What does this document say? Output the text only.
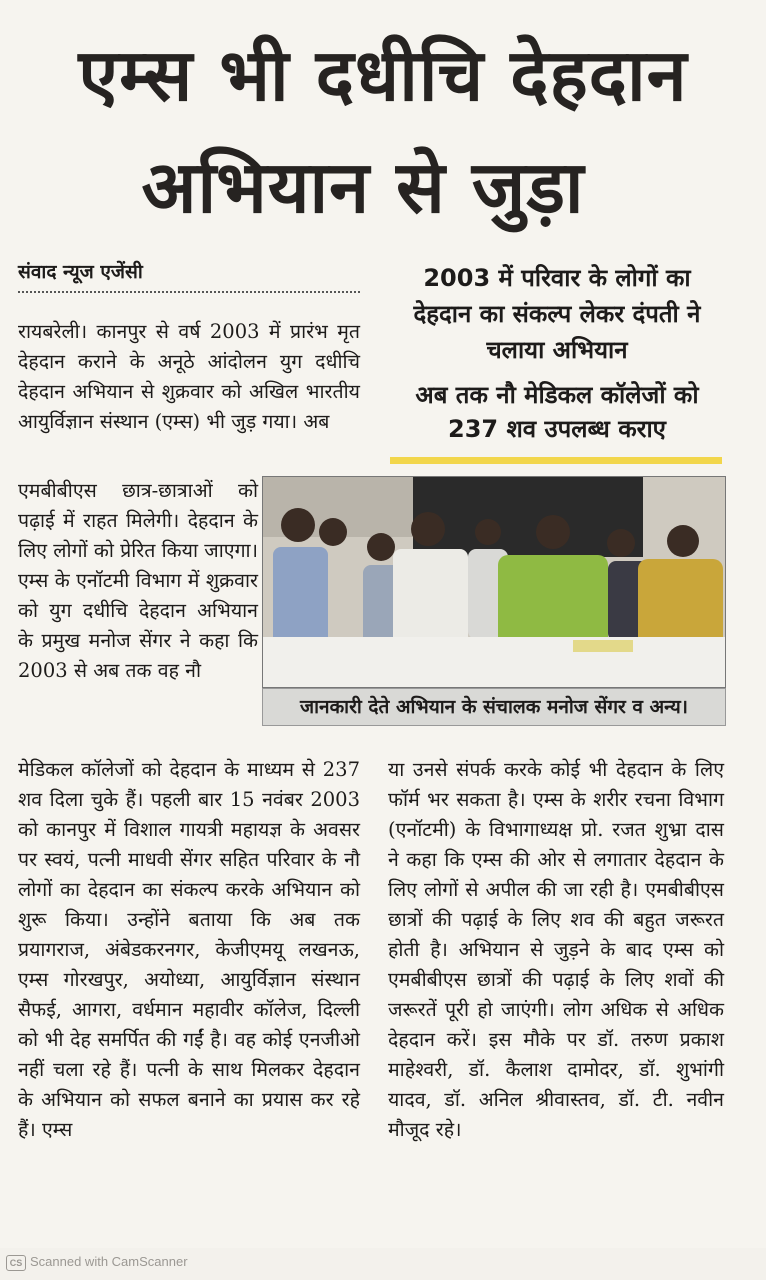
एम्स भी दधीचि देहदान
अभियान से जुड़ा
संवाद न्यूज एजेंसी	2003 में परिवार के लोगों का देहदान का संकल्प लेकर दंपती ने चलाया अभियान

अब तक नौ मेडिकल कॉलेजों को 237 शव उपलब्ध कराए

रायबरेली। कानपुर से वर्ष 2003 में प्रारंभ मृत देहदान कराने के अनूठे आंदोलन युग दधीचि देहदान अभियान से शुक्रवार को अखिल भारतीय आयुर्विज्ञान संस्थान (एम्स) भी जुड़ गया। अब

एमबीबीएस छात्र-छात्राओं को पढ़ाई में राहत मिलेगी। देहदान के लिए लोगों को प्रेरित किया जाएगा। एम्स के एनॉटमी विभाग में शुक्रवार को युग दधीचि देहदान अभियान के प्रमुख मनोज सेंगर ने कहा कि 2003 से अब तक वह नौ

जानकारी देते अभियान के संचालक मनोज सेंगर व अन्य।

मेडिकल कॉलेजों को देहदान के माध्यम से 237 शव दिला चुके हैं। पहली बार 15 नवंबर 2003 को कानपुर में विशाल गायत्री महायज्ञ के अवसर पर स्वयं, पत्नी माधवी सेंगर सहित परिवार के नौ लोगों का देहदान का संकल्प करके अभियान को शुरू किया। उन्होंने बताया कि अब तक प्रयागराज, अंबेडकरनगर, केजीएमयू लखनऊ, एम्स गोरखपुर, अयोध्या, आयुर्विज्ञान संस्थान सैफई, आगरा, वर्धमान महावीर कॉलेज, दिल्ली को भी देह समर्पित की गईं है। वह कोई एनजीओ नहीं चला रहे हैं। पत्नी के साथ मिलकर देहदान के अभियान को सफल बनाने का प्रयास कर रहे हैं। एम्स

या उनसे संपर्क करके कोई भी देहदान के लिए फॉर्म भर सकता है। एम्स के शरीर रचना विभाग (एनॉटमी) के विभागाध्यक्ष प्रो. रजत शुभ्रा दास ने कहा कि एम्स की ओर से लगातार देहदान के लिए लोगों से अपील की जा रही है। एमबीबीएस छात्रों की पढ़ाई के लिए शव की बहुत जरूरत होती है। अभियान से जुड़ने के बाद एम्स को एमबीबीएस छात्रों की पढ़ाई के लिए शवों की जरूरतें पूरी हो जाएंगी। लोग अधिक से अधिक देहदान करें। इस मौके पर डॉ. तरुण प्रकाश माहेश्वरी, डॉ. कैलाश दामोदर, डॉ. शुभांगी यादव, डॉ. अनिल श्रीवास्तव, डॉ. टी. नवीन मौजूद रहे।

CS Scanned with CamScanner
